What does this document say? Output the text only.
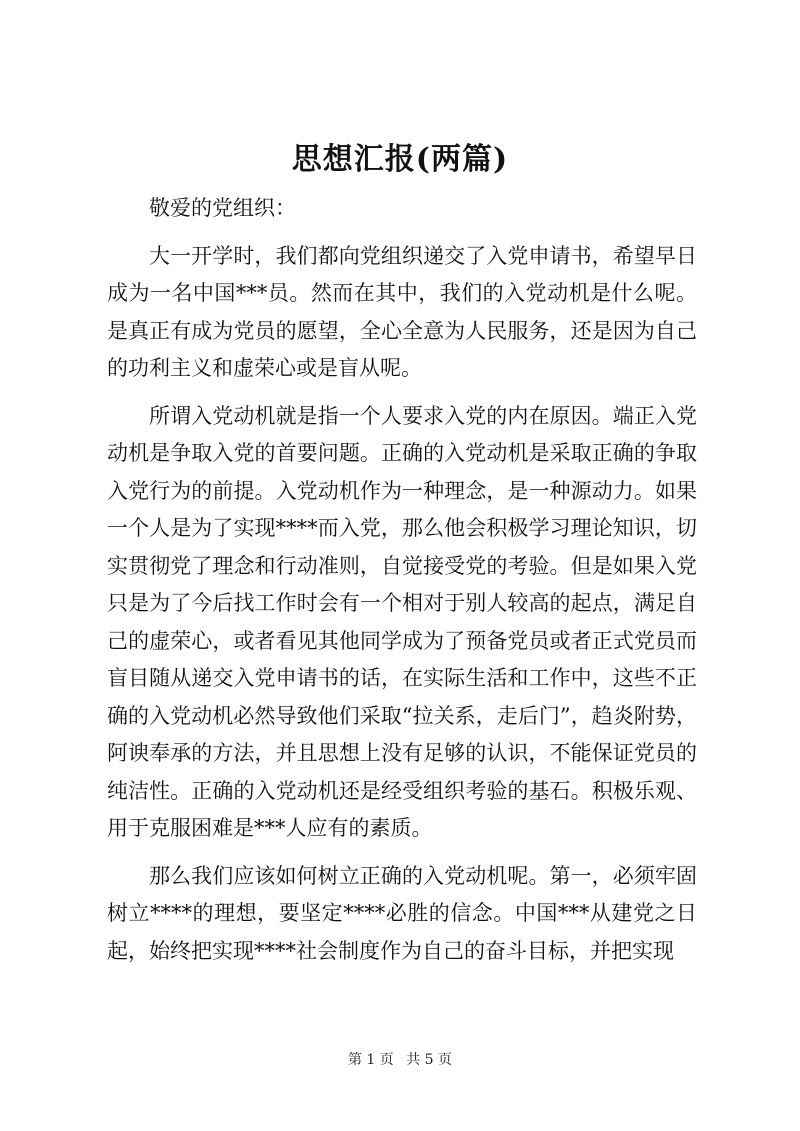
思想汇报(两篇)

敬爱的党组织：

大一开学时，我们都向党组织递交了入党申请书，希望早日成为一名中国***员。然而在其中，我们的入党动机是什么呢。是真正有成为党员的愿望，全心全意为人民服务，还是因为自己的功利主义和虚荣心或是盲从呢。

所谓入党动机就是指一个人要求入党的内在原因。端正入党动机是争取入党的首要问题。正确的入党动机是采取正确的争取入党行为的前提。入党动机作为一种理念，是一种源动力。如果一个人是为了实现****而入党，那么他会积极学习理论知识，切实贯彻党了理念和行动准则，自觉接受党的考验。但是如果入党只是为了今后找工作时会有一个相对于别人较高的起点，满足自己的虚荣心，或者看见其他同学成为了预备党员或者正式党员而盲目随从递交入党申请书的话，在实际生活和工作中，这些不正确的入党动机必然导致他们采取“拉关系，走后门”，趋炎附势，阿谀奉承的方法，并且思想上没有足够的认识，不能保证党员的纯洁性。正确的入党动机还是经受组织考验的基石。积极乐观、用于克服困难是***人应有的素质。

那么我们应该如何树立正确的入党动机呢。第一，必须牢固树立****的理想，要坚定****必胜的信念。中国***从建党之日起，始终把实现****社会制度作为自己的奋斗目标，并把实现

第 1 页 共 5 页
